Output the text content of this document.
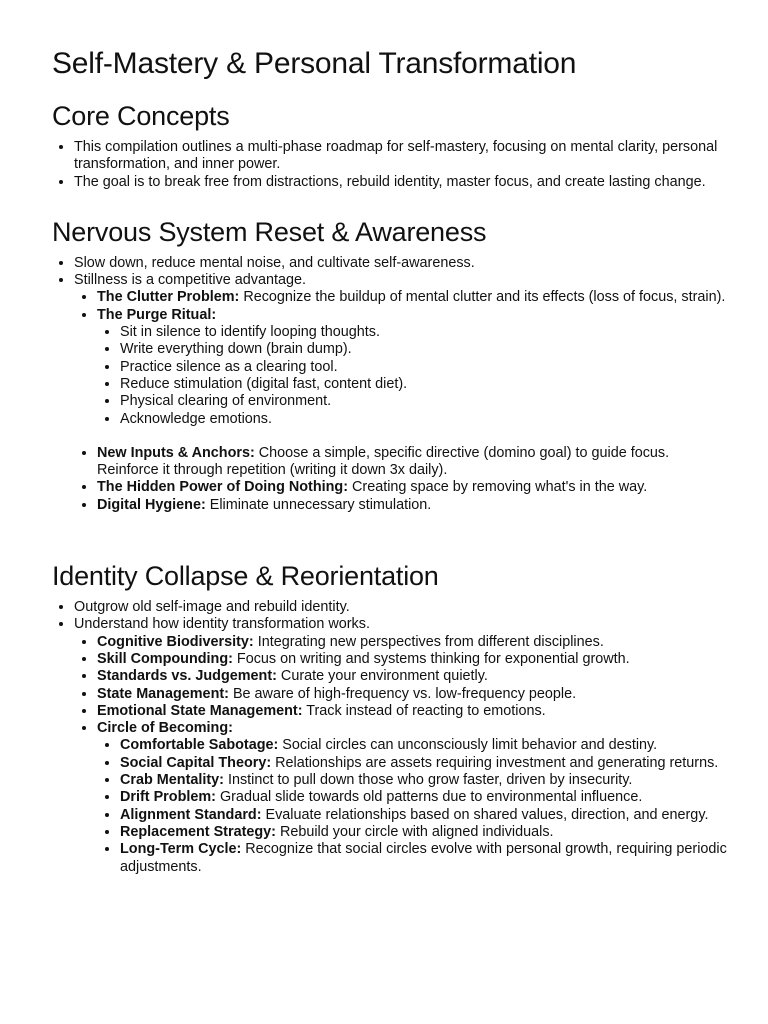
Self-Mastery & Personal Transformation
Core Concepts
• This compilation outlines a multi-phase roadmap for self-mastery, focusing on mental clarity, personal transformation, and inner power.
• The goal is to break free from distractions, rebuild identity, master focus, and create lasting change.
Nervous System Reset & Awareness
• Slow down, reduce mental noise, and cultivate self-awareness.
• Stillness is a competitive advantage.
• The Clutter Problem: Recognize the buildup of mental clutter and its effects (loss of focus, strain).
• The Purge Ritual:
• Sit in silence to identify looping thoughts.
• Write everything down (brain dump).
• Practice silence as a clearing tool.
• Reduce stimulation (digital fast, content diet).
• Physical clearing of environment.
• Acknowledge emotions.
• New Inputs & Anchors: Choose a simple, specific directive (domino goal) to guide focus. Reinforce it through repetition (writing it down 3x daily).
• The Hidden Power of Doing Nothing: Creating space by removing what's in the way.
• Digital Hygiene: Eliminate unnecessary stimulation.
Identity Collapse & Reorientation
• Outgrow old self-image and rebuild identity.
• Understand how identity transformation works.
• Cognitive Biodiversity: Integrating new perspectives from different disciplines.
• Skill Compounding: Focus on writing and systems thinking for exponential growth.
• Standards vs. Judgement: Curate your environment quietly.
• State Management: Be aware of high-frequency vs. low-frequency people.
• Emotional State Management: Track instead of reacting to emotions.
• Circle of Becoming:
• Comfortable Sabotage: Social circles can unconsciously limit behavior and destiny.
• Social Capital Theory: Relationships are assets requiring investment and generating returns.
• Crab Mentality: Instinct to pull down those who grow faster, driven by insecurity.
• Drift Problem: Gradual slide towards old patterns due to environmental influence.
• Alignment Standard: Evaluate relationships based on shared values, direction, and energy.
• Replacement Strategy: Rebuild your circle with aligned individuals.
• Long-Term Cycle: Recognize that social circles evolve with personal growth, requiring periodic adjustments.
